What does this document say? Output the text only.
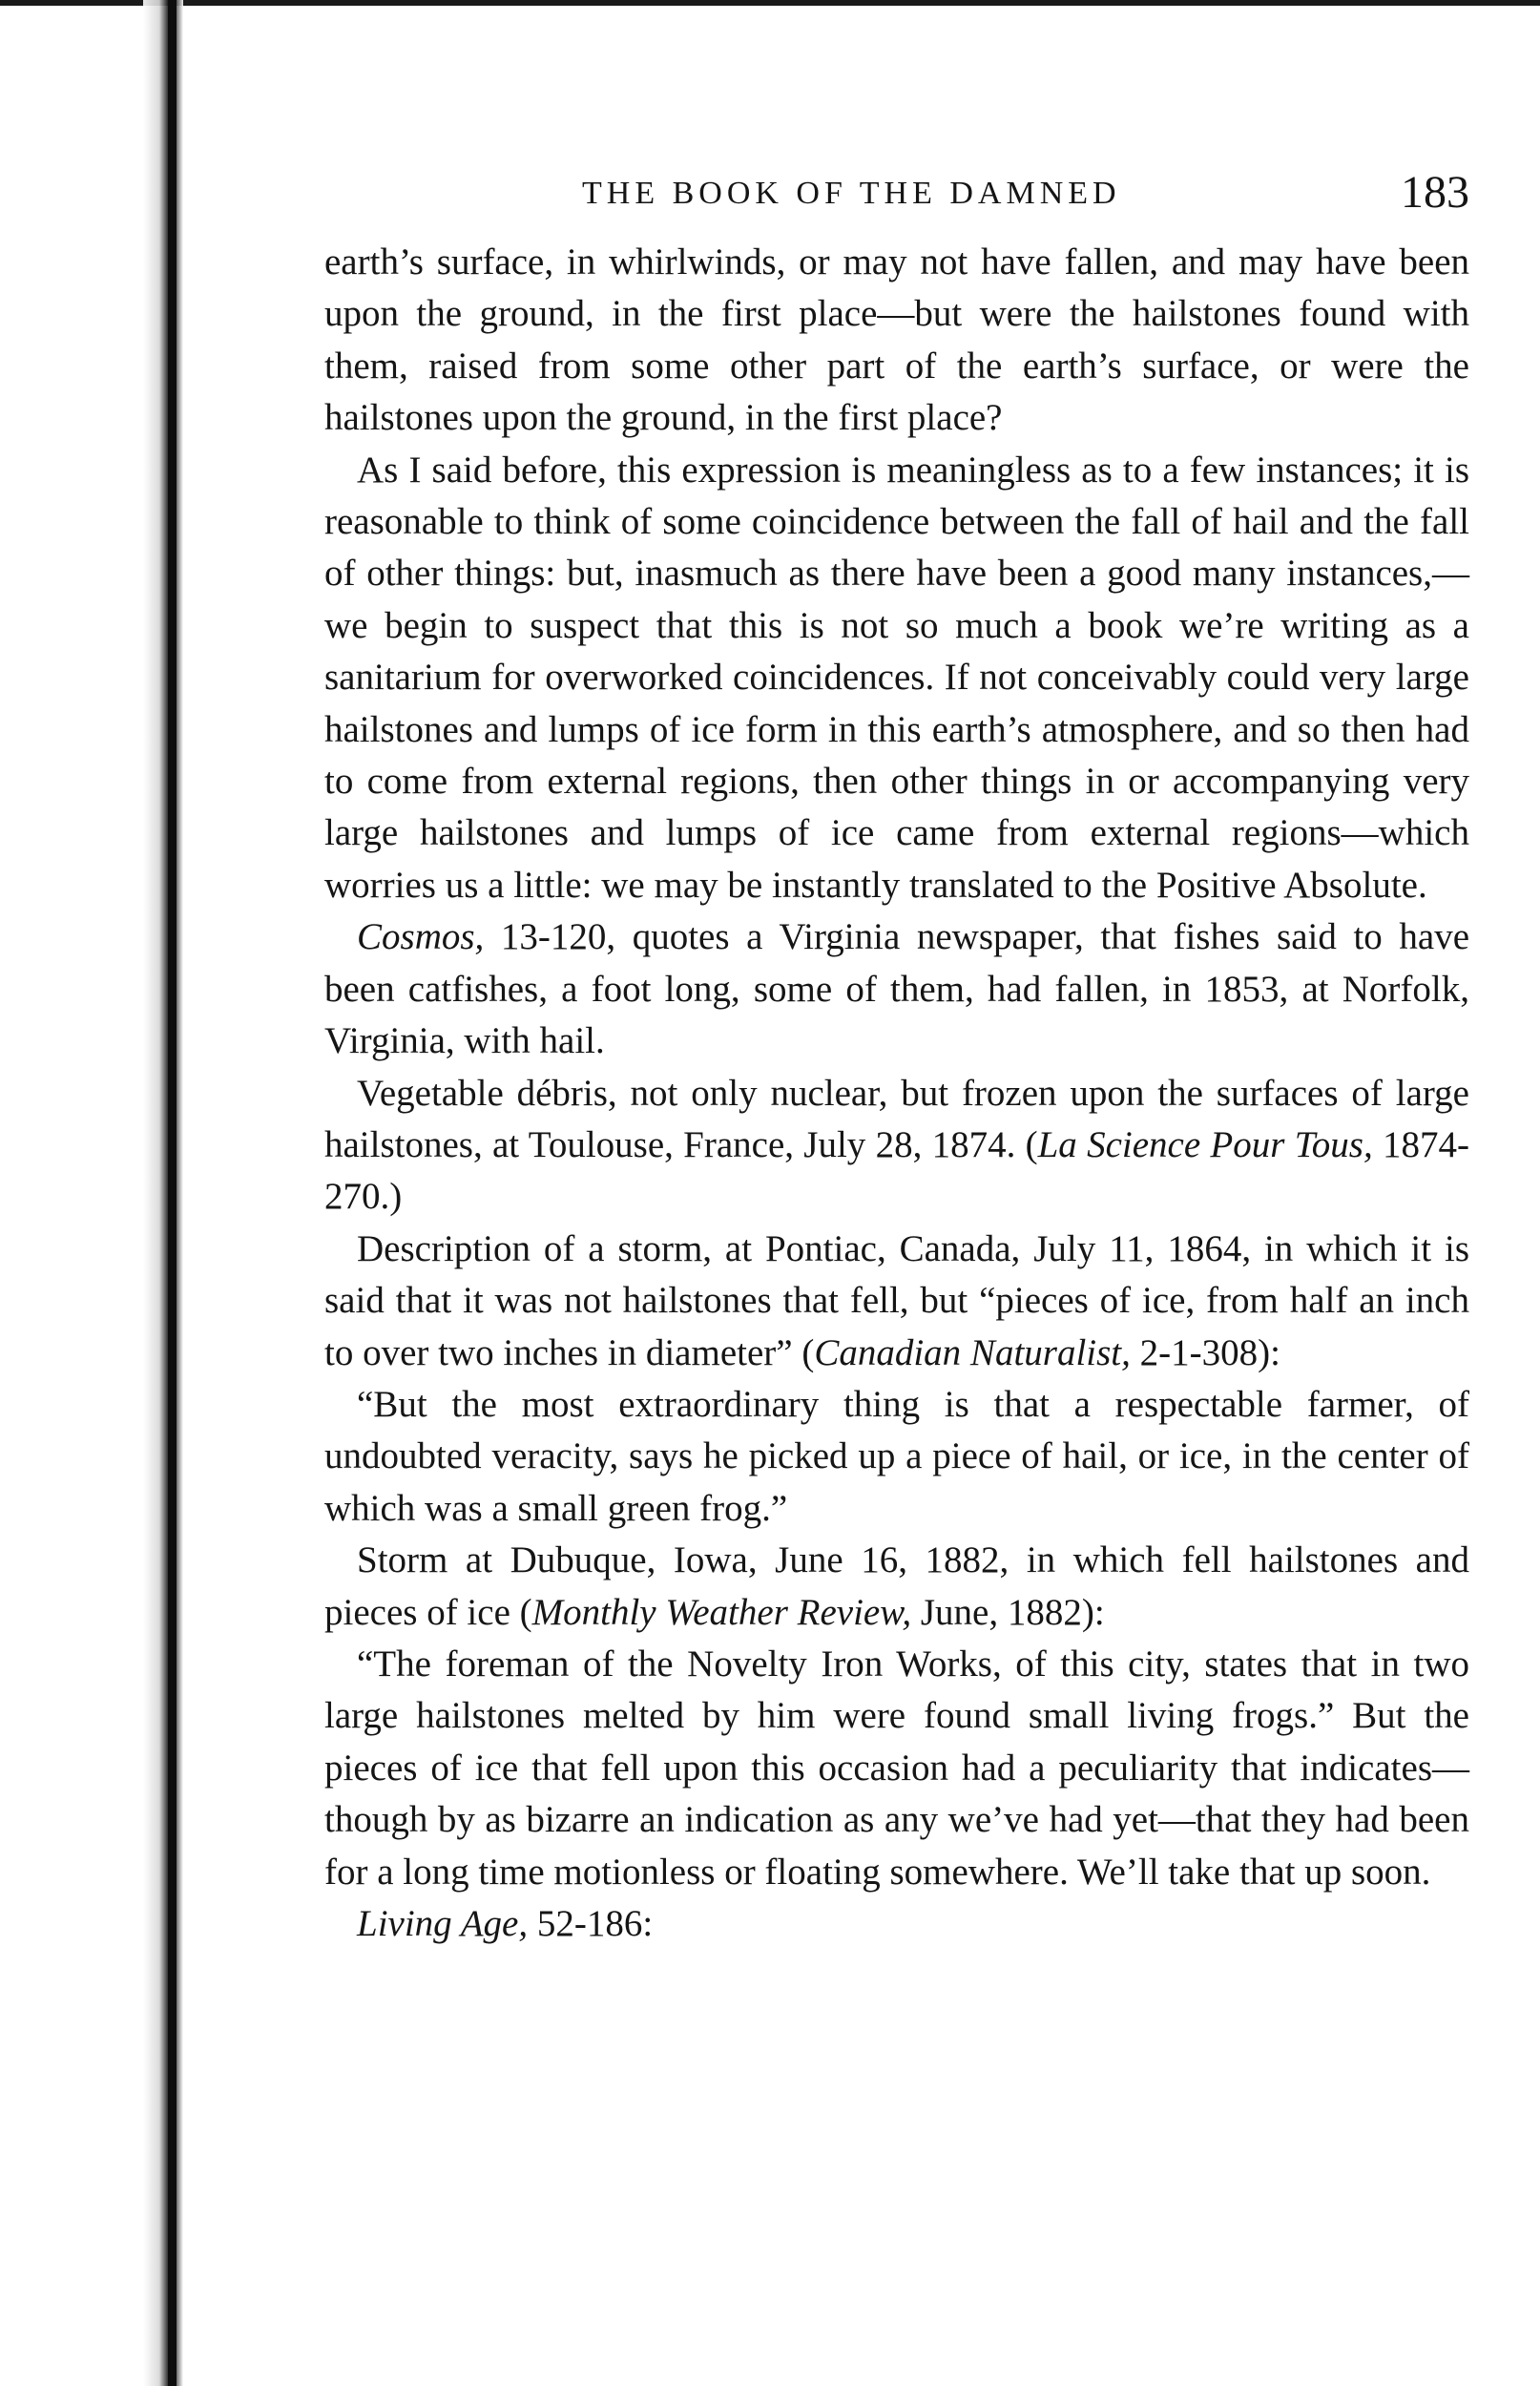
THE BOOK OF THE DAMNED	183

earth’s surface, in whirlwinds, or may not have fallen, and may have been upon the ground, in the first place—but were the hailstones found with them, raised from some other part of the earth’s surface, or were the hailstones upon the ground, in the first place?

As I said before, this expression is meaningless as to a few instances; it is reasonable to think of some coincidence between the fall of hail and the fall of other things: but, inasmuch as there have been a good many instances,—we begin to suspect that this is not so much a book we’re writing as a sanitarium for overworked coincidences. If not conceivably could very large hailstones and lumps of ice form in this earth’s atmosphere, and so then had to come from external regions, then other things in or accompanying very large hailstones and lumps of ice came from external regions—which worries us a little: we may be instantly translated to the Positive Absolute.

Cosmos, 13-120, quotes a Virginia newspaper, that fishes said to have been catfishes, a foot long, some of them, had fallen, in 1853, at Norfolk, Virginia, with hail.

Vegetable débris, not only nuclear, but frozen upon the surfaces of large hailstones, at Toulouse, France, July 28, 1874. (La Science Pour Tous, 1874-270.)

Description of a storm, at Pontiac, Canada, July 11, 1864, in which it is said that it was not hailstones that fell, but “pieces of ice, from half an inch to over two inches in diameter” (Canadian Naturalist, 2-1-308):

“But the most extraordinary thing is that a respectable farmer, of undoubted veracity, says he picked up a piece of hail, or ice, in the center of which was a small green frog.”

Storm at Dubuque, Iowa, June 16, 1882, in which fell hailstones and pieces of ice (Monthly Weather Review, June, 1882):

“The foreman of the Novelty Iron Works, of this city, states that in two large hailstones melted by him were found small living frogs.” But the pieces of ice that fell upon this occasion had a peculiarity that indicates—though by as bizarre an indication as any we’ve had yet—that they had been for a long time motionless or floating somewhere. We’ll take that up soon.

Living Age, 52-186:
